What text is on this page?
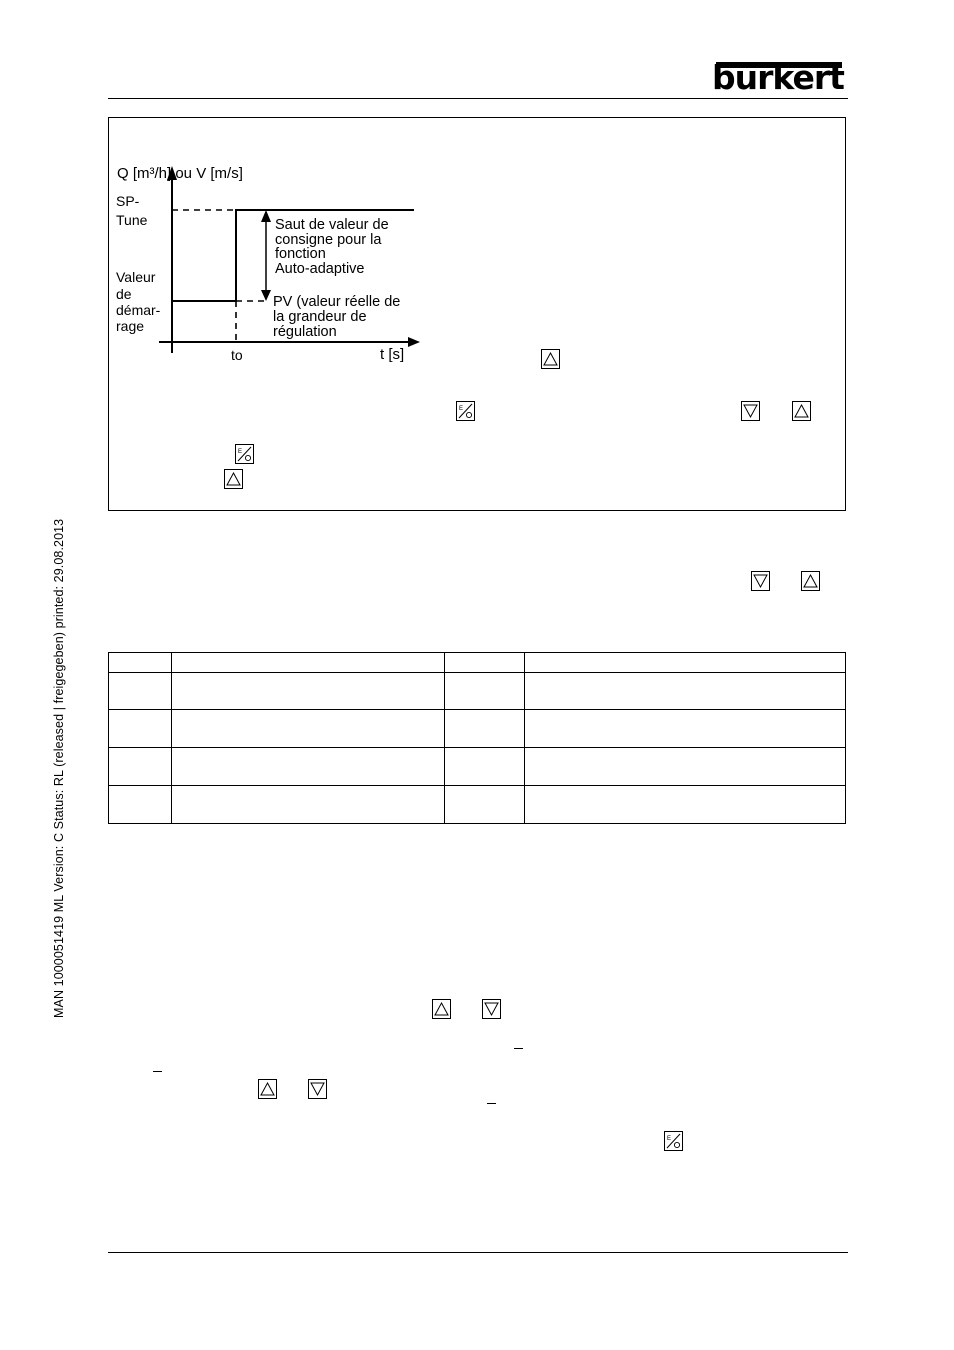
bürkert
MAN 1000051419 ML Version: C Status: RL (released | freigegeben) printed: 29.08.2013
Q [m³/h] ou V [m/s]
SP-
Tune
Valeur
de
démar-
rage
Saut de valeur de
consigne pour la
fonction
Auto-adaptive
PV (valeur réelle de
la grandeur de
régulation
to	t [s]
E
E

E
